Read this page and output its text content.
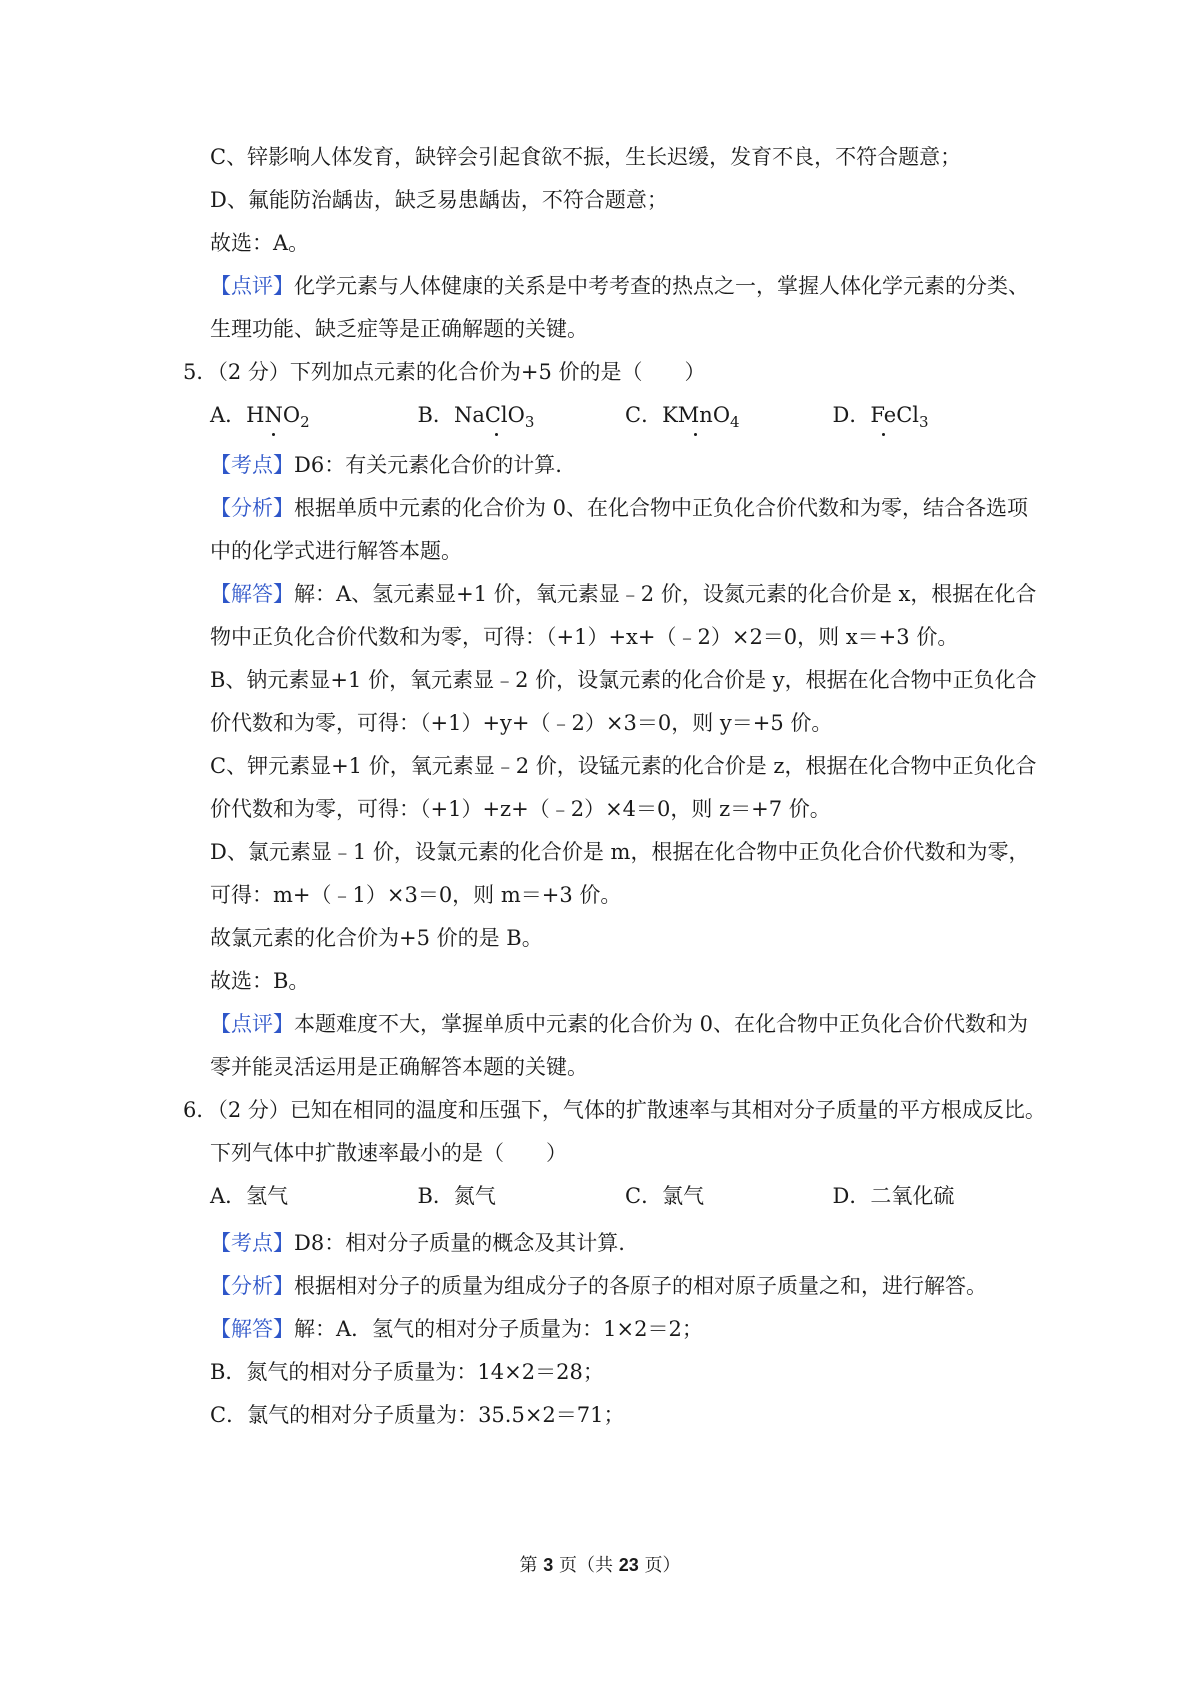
C、锌影响人体发育，缺锌会引起食欲不振，生长迟缓，发育不良，不符合题意；
D、氟能防治龋齿，缺乏易患龋齿，不符合题意；
故选：A。
【点评】化学元素与人体健康的关系是中考考查的热点之一，掌握人体化学元素的分类、
生理功能、缺乏症等是正确解题的关键。
5．（2 分）下列加点元素的化合价为+5 价的是（　　）
A．$HNO_2$	B．NaClO$_3$	C．KMnO$_4$	D．FeCl$_3$
【考点】D6：有关元素化合价的计算.
【分析】根据单质中元素的化合价为 0、在化合物中正负化合价代数和为零，结合各选项
中的化学式进行解答本题。
【解答】解：A、氢元素显+1 价，氧元素显﹣2 价，设氮元素的化合价是 x，根据在化合
物中正负化合价代数和为零，可得：（+1）+x+（﹣2）×2＝0，则 x＝+3 价。
B、钠元素显+1 价，氧元素显﹣2 价，设氯元素的化合价是 y，根据在化合物中正负化合
价代数和为零，可得：（+1）+y+（﹣2）×3＝0，则 y＝+5 价。
C、钾元素显+1 价，氧元素显﹣2 价，设锰元素的化合价是 z，根据在化合物中正负化合
价代数和为零，可得：（+1）+z+（﹣2）×4＝0，则 z＝+7 价。
D、氯元素显﹣1 价，设氯元素的化合价是 m，根据在化合物中正负化合价代数和为零，
可得：m+（﹣1）×3＝0，则 m＝+3 价。
故氯元素的化合价为+5 价的是 B。
故选：B。
【点评】本题难度不大，掌握单质中元素的化合价为 0、在化合物中正负化合价代数和为
零并能灵活运用是正确解答本题的关键。
6．（2 分）已知在相同的温度和压强下，气体的扩散速率与其相对分子质量的平方根成反比。
下列气体中扩散速率最小的是（　　）
A．氢气	B．氮气	C．氯气	D．二氧化硫
【考点】D8：相对分子质量的概念及其计算.
【分析】根据相对分子的质量为组成分子的各原子的相对原子质量之和，进行解答。
【解答】解：A．氢气的相对分子质量为：1×2＝2；
B．氮气的相对分子质量为：14×2＝28；
C．氯气的相对分子质量为：35.5×2＝71；
第 3 页（共 23 页）
